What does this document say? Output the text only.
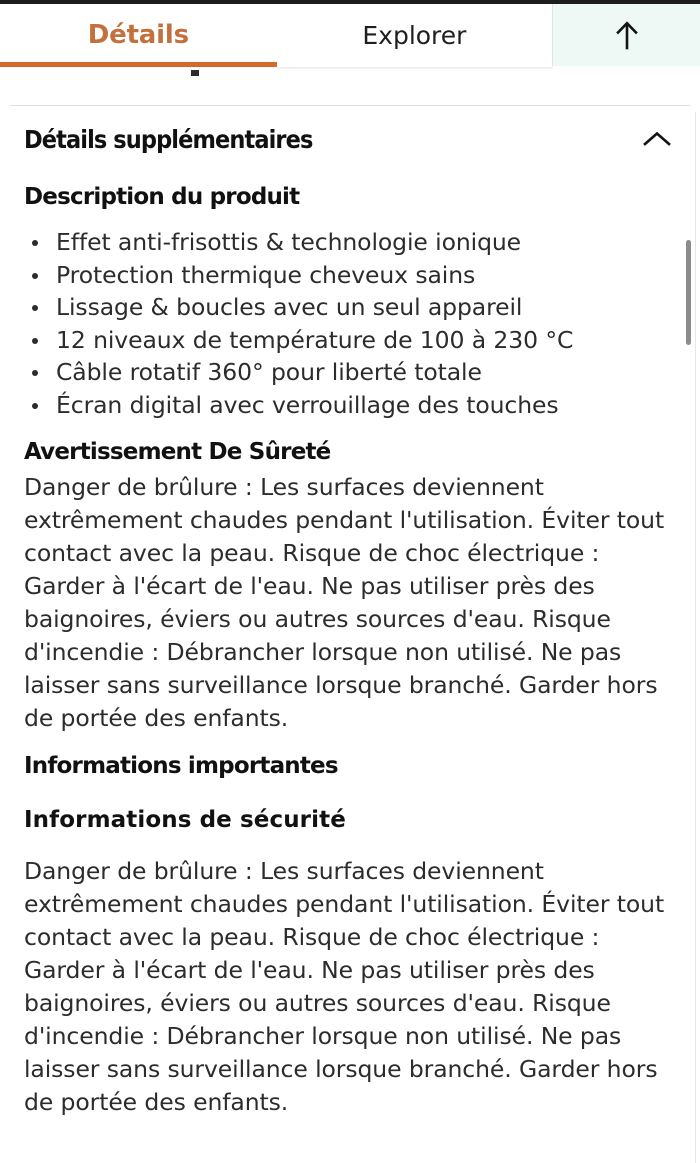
Détails	Explorer
Détails supplémentaires
Description du produit
Effet anti-frisottis & technologie ionique
Protection thermique cheveux sains
Lissage & boucles avec un seul appareil
12 niveaux de température de 100 à 230 °C
Câble rotatif 360° pour liberté totale
Écran digital avec verrouillage des touches
Avertissement De Sûreté

Danger de brûlure : Les surfaces deviennent extrêmement chaudes pendant l'utilisation. Éviter tout contact avec la peau. Risque de choc électrique : Garder à l'écart de l'eau. Ne pas utiliser près des baignoires, éviers ou autres sources d'eau. Risque d'incendie : Débrancher lorsque non utilisé. Ne pas laisser sans surveillance lorsque branché. Garder hors de portée des enfants.

Informations importantes
Informations de sécurité

Danger de brûlure : Les surfaces deviennent extrêmement chaudes pendant l'utilisation. Éviter tout contact avec la peau. Risque de choc électrique : Garder à l'écart de l'eau. Ne pas utiliser près des baignoires, éviers ou autres sources d'eau. Risque d'incendie : Débrancher lorsque non utilisé. Ne pas laisser sans surveillance lorsque branché. Garder hors de portée des enfants.
